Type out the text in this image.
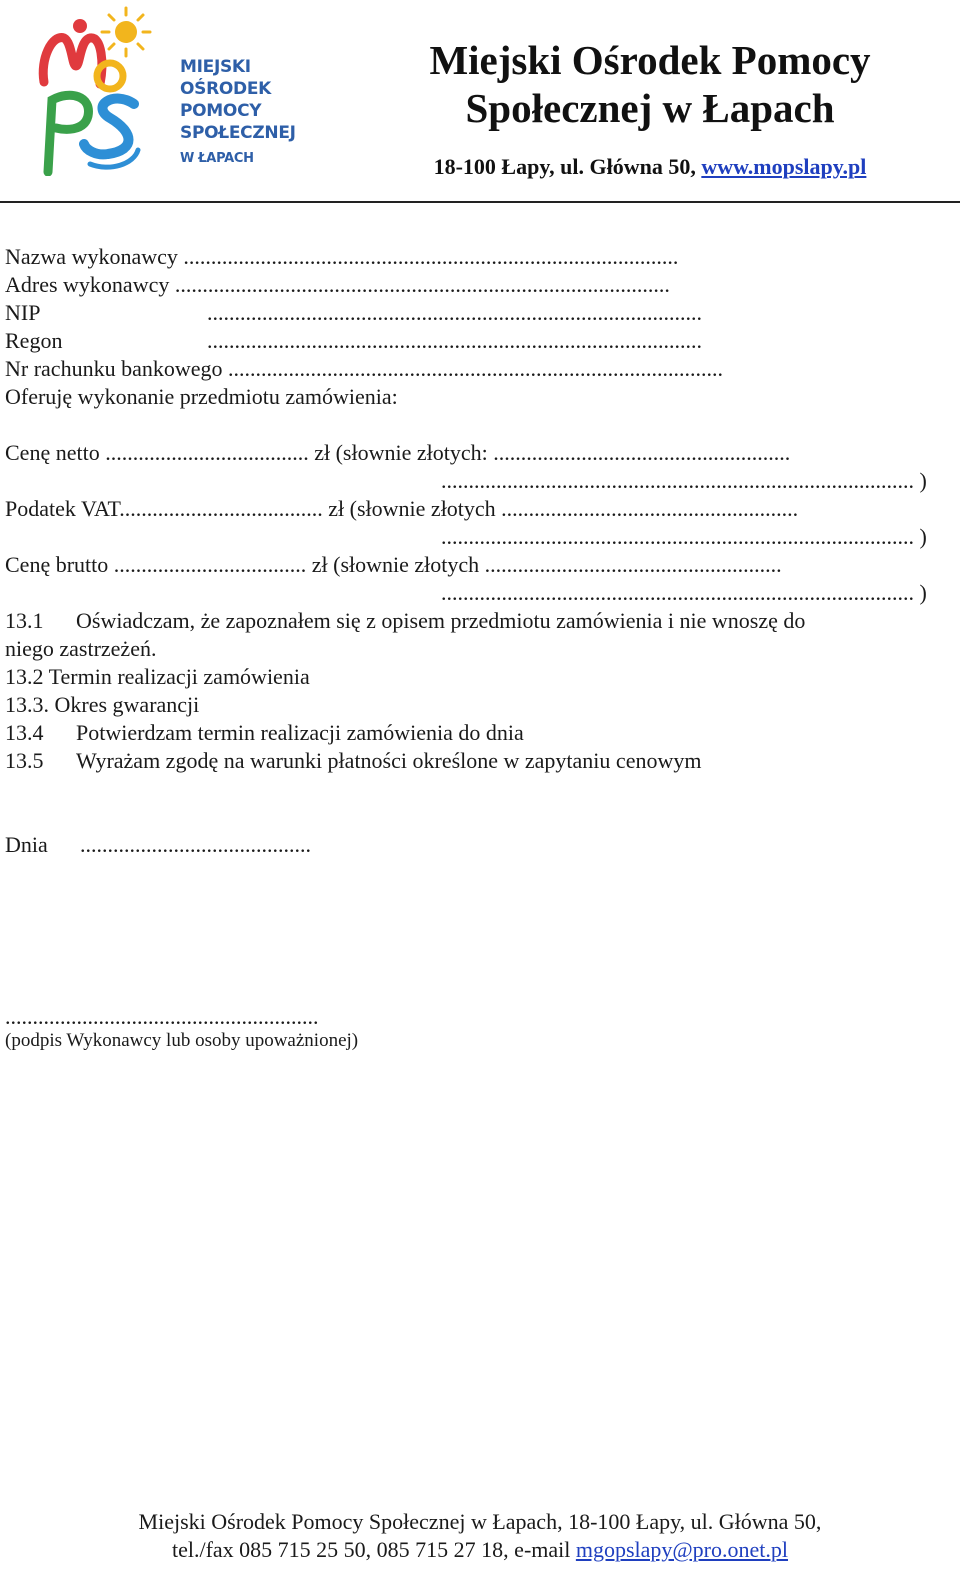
MIEJSKI
OŚRODEK
POMOCY
SPOŁECZNEJ
W ŁAPACH
Miejski Ośrodek Pomocy
Społecznej w Łapach
18-100 Łapy, ul. Główna 50, www.mopslapy.pl
Nazwa wykonawcy ..........................................................................................
Adres wykonawcy ..........................................................................................
NIP	..........................................................................................
Regon	..........................................................................................
Nr rachunku bankowego ..........................................................................................
Oferuję wykonanie przedmiotu zamówienia:
Cenę netto ..................................... zł (słownie złotych: ......................................................
...................................................................................... )
Podatek VAT..................................... zł (słownie złotych ......................................................
...................................................................................... )
Cenę brutto ................................... zł (słownie złotych ......................................................
...................................................................................... )
13.1 Oświadczam, że zapoznałem się z opisem przedmiotu zamówienia i nie wnoszę do
niego zastrzeżeń.
13.2 Termin realizacji zamówienia
13.3. Okres gwarancji
13.4 Potwierdzam termin realizacji zamówienia do dnia
13.5 Wyrażam zgodę na warunki płatności określone w zapytaniu cenowym
Dnia ..........................................
.........................................................
(podpis Wykonawcy lub osoby upoważnionej)
Miejski Ośrodek Pomocy Społecznej w Łapach, 18-100 Łapy, ul. Główna 50,
tel./fax 085 715 25 50, 085 715 27 18, e-mail mgopslapy@pro.onet.pl
